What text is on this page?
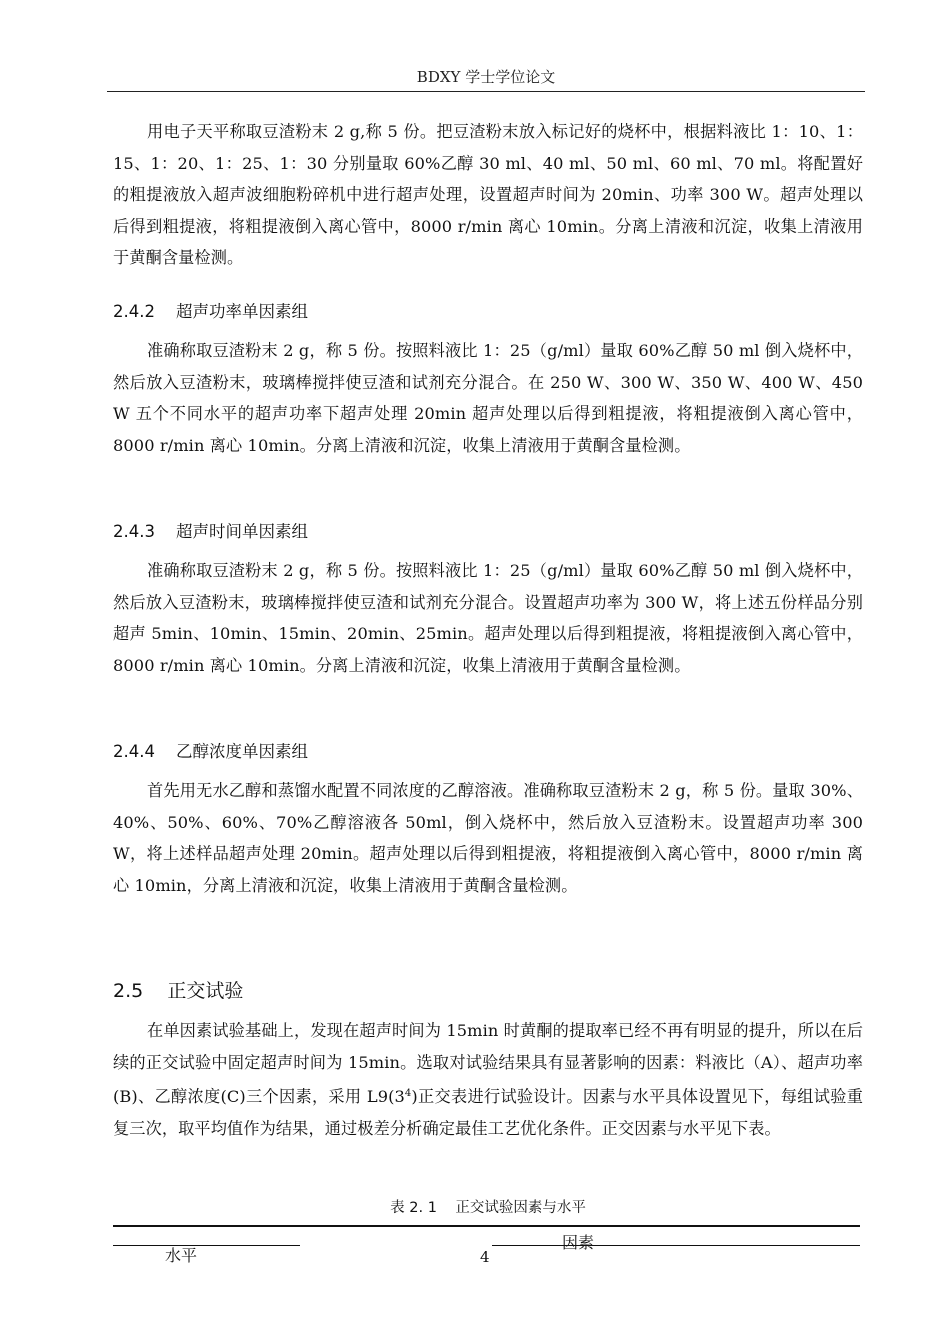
BDXY 学士学位论文

用电子天平称取豆渣粉末 2 g,称 5 份。把豆渣粉末放入标记好的烧杯中，根据料液比 1：10、1：15、1：20、1：25、1：30 分别量取 60%乙醇 30 ml、40 ml、50 ml、60 ml、70 ml。将配置好的粗提液放入超声波细胞粉碎机中进行超声处理，设置超声时间为 20min、功率 300 W。超声处理以后得到粗提液，将粗提液倒入离心管中，8000 r/min 离心 10min。分离上清液和沉淀，收集上清液用于黄酮含量检测。

2.4.2    超声功率单因素组

准确称取豆渣粉末 2 g，称 5 份。按照料液比 1：25（g/ml）量取 60%乙醇 50 ml 倒入烧杯中，然后放入豆渣粉末，玻璃棒搅拌使豆渣和试剂充分混合。在 250 W、300 W、350 W、400 W、450 W 五个不同水平的超声功率下超声处理 20min 超声处理以后得到粗提液，将粗提液倒入离心管中，8000 r/min 离心 10min。分离上清液和沉淀，收集上清液用于黄酮含量检测。

2.4.3    超声时间单因素组

准确称取豆渣粉末 2 g，称 5 份。按照料液比 1：25（g/ml）量取 60%乙醇 50 ml 倒入烧杯中，然后放入豆渣粉末，玻璃棒搅拌使豆渣和试剂充分混合。设置超声功率为 300 W，将上述五份样品分别超声 5min、10min、15min、20min、25min。超声处理以后得到粗提液，将粗提液倒入离心管中，8000 r/min 离心 10min。分离上清液和沉淀，收集上清液用于黄酮含量检测。

2.4.4    乙醇浓度单因素组

首先用无水乙醇和蒸馏水配置不同浓度的乙醇溶液。准确称取豆渣粉末 2 g，称 5 份。量取 30%、40%、50%、60%、70%乙醇溶液各 50ml，倒入烧杯中，然后放入豆渣粉末。设置超声功率 300 W，将上述样品超声处理 20min。超声处理以后得到粗提液，将粗提液倒入离心管中，8000 r/min 离心 10min，分离上清液和沉淀，收集上清液用于黄酮含量检测。

2.5    正交试验

在单因素试验基础上，发现在超声时间为 15min 时黄酮的提取率已经不再有明显的提升，所以在后续的正交试验中固定超声时间为 15min。选取对试验结果具有显著影响的因素：料液比（A）、超声功率(B)、乙醇浓度(C)三个因素，采用 $L9(3^4)$正交表进行试验设计。因素与水平具体设置见下，每组试验重复三次，取平均值作为结果，通过极差分析确定最佳工艺优化条件。正交因素与水平见下表。

表 2. 1    正交试验因素与水平
因素
水平	4
